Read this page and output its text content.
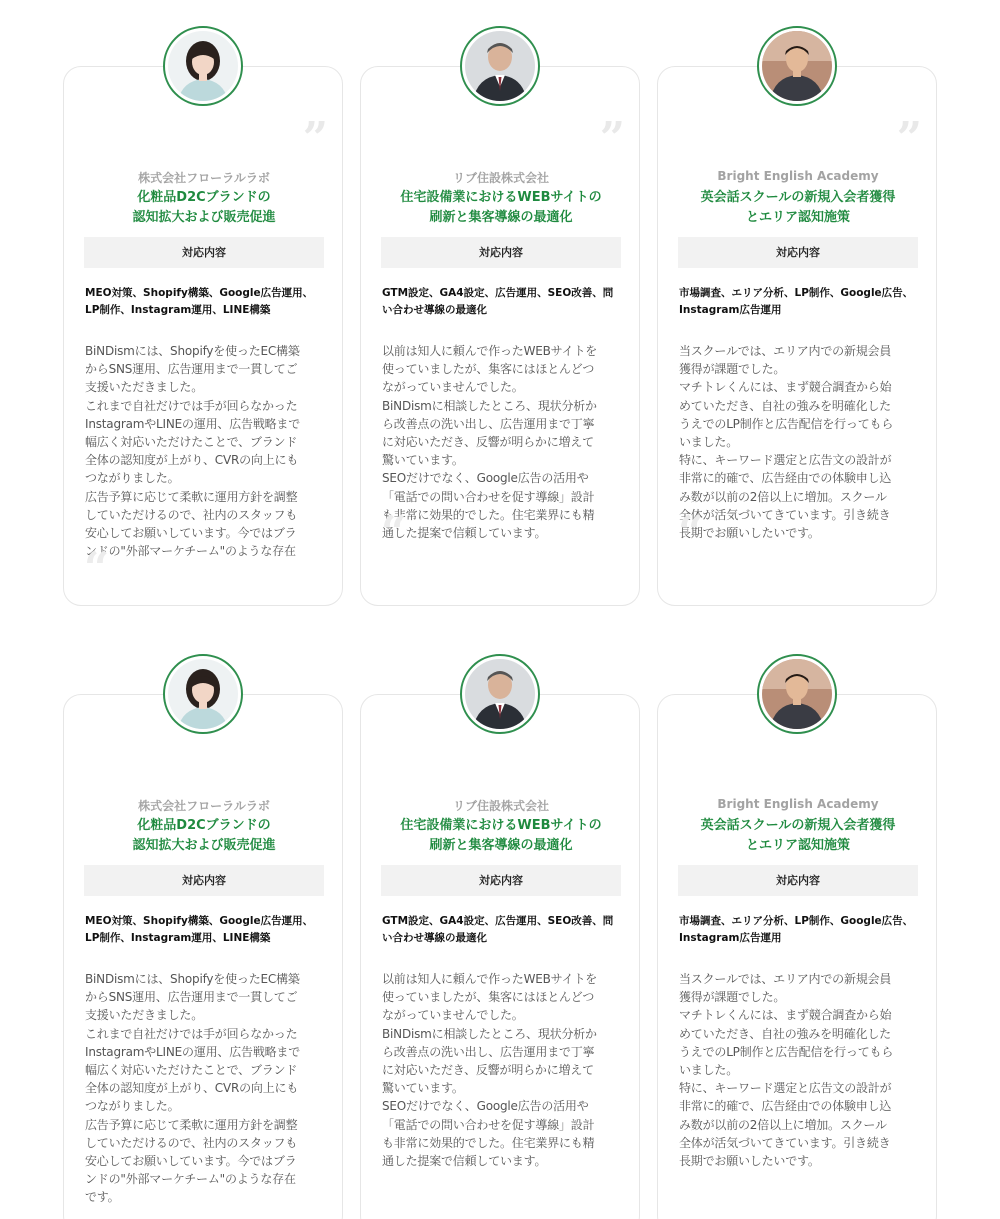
”
株式会社フローラルラボ
化粧品D2Cブランドの
認知拡大および販売促進
対応内容
MEO対策、Shopify構築、Google広告運用、LP制作、Instagram運用、LINE構築
BiNDismには、Shopifyを使ったEC構築
からSNS運用、広告運用まで一貫してご
支援いただきました。
これまで自社だけでは手が回らなかった
InstagramやLINEの運用、広告戦略まで
幅広く対応いただけたことで、ブランド
全体の認知度が上がり、CVRの向上にも
つながりました。
広告予算に応じて柔軟に運用方針を調整
していただけるので、社内のスタッフも
安心してお願いしています。今ではブラ
ンドの"外部マーケチーム"のような存在
“
”
リブ住設株式会社
住宅設備業におけるWEBサイトの
刷新と集客導線の最適化
対応内容
GTM設定、GA4設定、広告運用、SEO改善、問い合わせ導線の最適化
以前は知人に頼んで作ったWEBサイトを
使っていましたが、集客にはほとんどつ
ながっていませんでした。
BiNDismに相談したところ、現状分析か
ら改善点の洗い出し、広告運用まで丁寧
に対応いただき、反響が明らかに増えて
驚いています。
SEOだけでなく、Google広告の活用や
「電話での問い合わせを促す導線」設計
も非常に効果的でした。住宅業界にも精
通した提案で信頼しています。
“
”
Bright English Academy
英会話スクールの新規入会者獲得
とエリア認知施策
対応内容
市場調査、エリア分析、LP制作、Google広告、Instagram広告運用
当スクールでは、エリア内での新規会員
獲得が課題でした。
マチトレくんには、まず競合調査から始
めていただき、自社の強みを明確化した
うえでのLP制作と広告配信を行ってもら
いました。
特に、キーワード選定と広告文の設計が
非常に的確で、広告経由での体験申し込
み数が以前の2倍以上に増加。スクール
全体が活気づいてきています。引き続き
長期でお願いしたいです。
“
株式会社フローラルラボ
化粧品D2Cブランドの
認知拡大および販売促進
対応内容
MEO対策、Shopify構築、Google広告運用、LP制作、Instagram運用、LINE構築
BiNDismには、Shopifyを使ったEC構築
からSNS運用、広告運用まで一貫してご
支援いただきました。
これまで自社だけでは手が回らなかった
InstagramやLINEの運用、広告戦略まで
幅広く対応いただけたことで、ブランド
全体の認知度が上がり、CVRの向上にも
つながりました。
広告予算に応じて柔軟に運用方針を調整
していただけるので、社内のスタッフも
安心してお願いしています。今ではブラ
ンドの"外部マーケチーム"のような存在
です。
リブ住設株式会社
住宅設備業におけるWEBサイトの
刷新と集客導線の最適化
対応内容
GTM設定、GA4設定、広告運用、SEO改善、問い合わせ導線の最適化
以前は知人に頼んで作ったWEBサイトを
使っていましたが、集客にはほとんどつ
ながっていませんでした。
BiNDismに相談したところ、現状分析か
ら改善点の洗い出し、広告運用まで丁寧
に対応いただき、反響が明らかに増えて
驚いています。
SEOだけでなく、Google広告の活用や
「電話での問い合わせを促す導線」設計
も非常に効果的でした。住宅業界にも精
通した提案で信頼しています。
Bright English Academy
英会話スクールの新規入会者獲得
とエリア認知施策
対応内容
市場調査、エリア分析、LP制作、Google広告、Instagram広告運用
当スクールでは、エリア内での新規会員
獲得が課題でした。
マチトレくんには、まず競合調査から始
めていただき、自社の強みを明確化した
うえでのLP制作と広告配信を行ってもら
いました。
特に、キーワード選定と広告文の設計が
非常に的確で、広告経由での体験申し込
み数が以前の2倍以上に増加。スクール
全体が活気づいてきています。引き続き
長期でお願いしたいです。
